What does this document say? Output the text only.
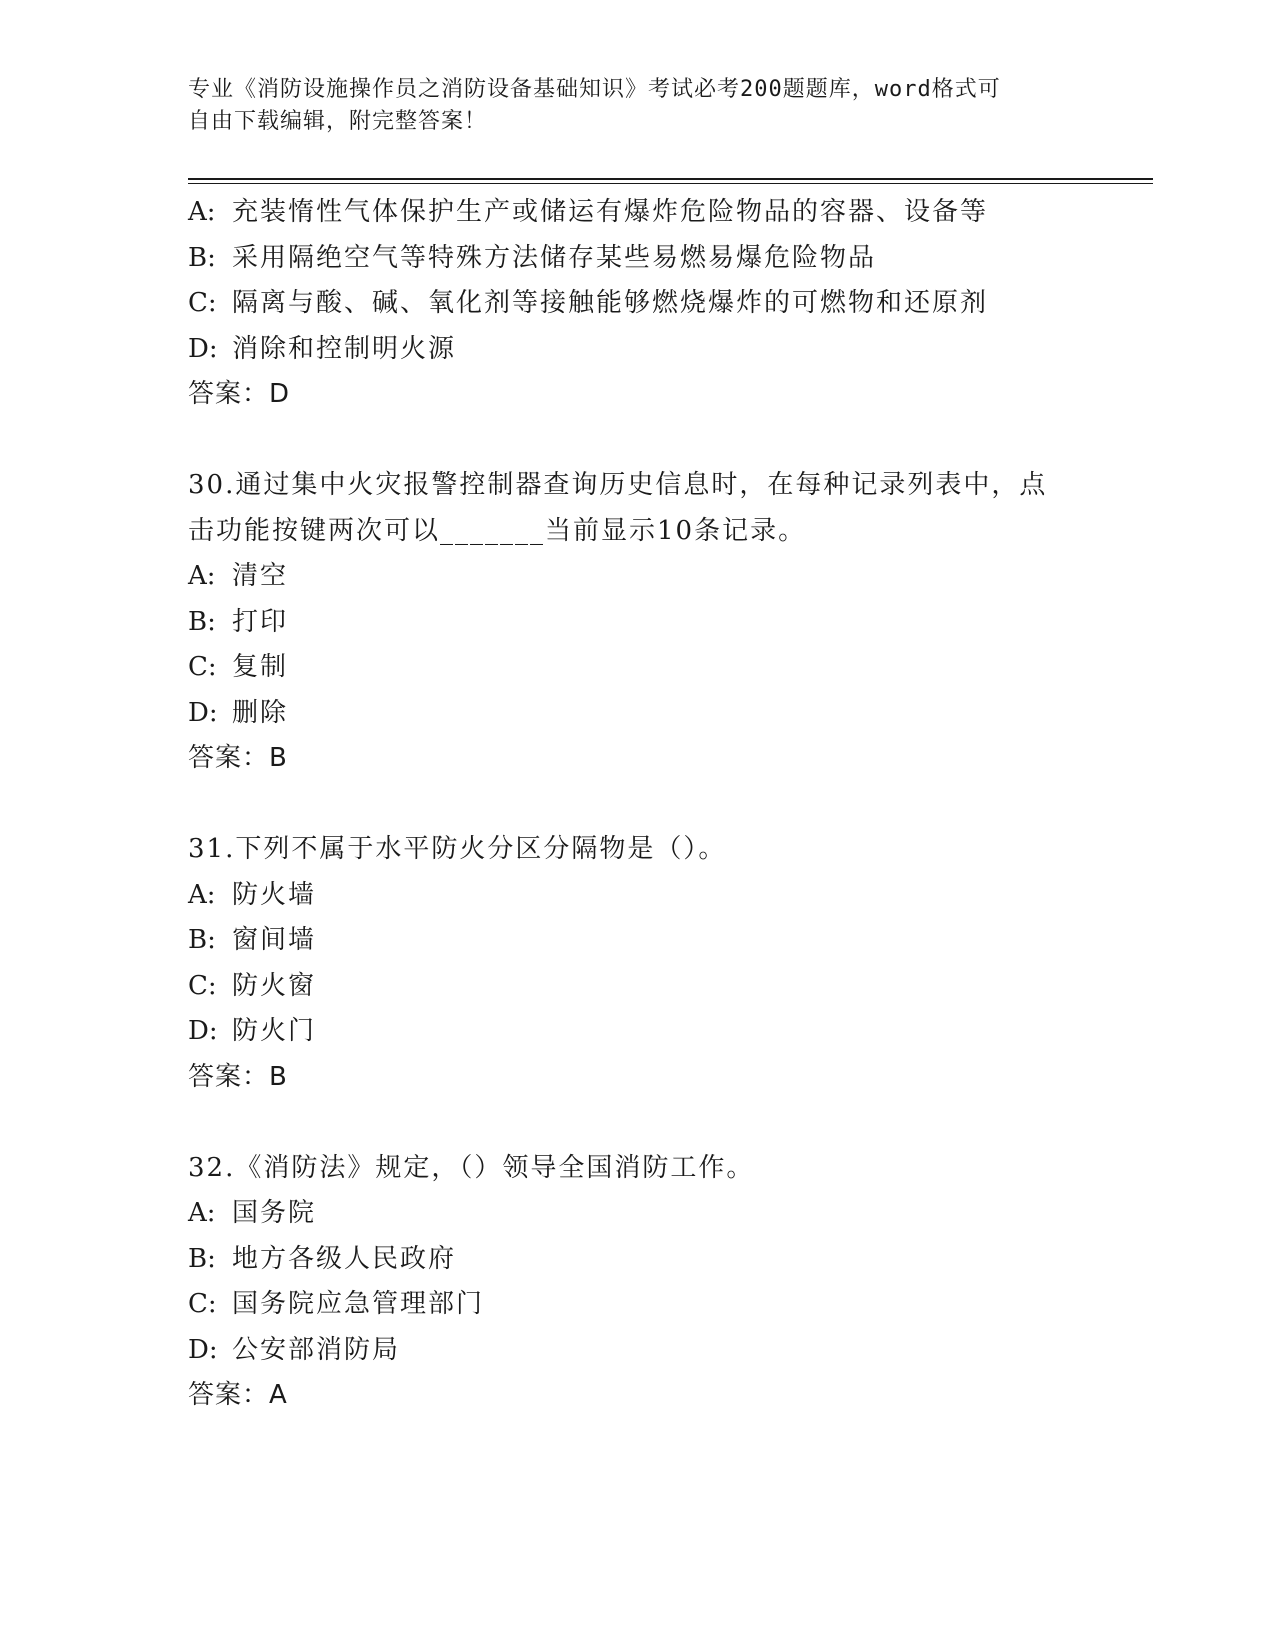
专业《消防设施操作员之消防设备基础知识》考试必考200题题库，word格式可
自由下载编辑，附完整答案！
A: 充装惰性气体保护生产或储运有爆炸危险物品的容器、设备等
B: 采用隔绝空气等特殊方法储存某些易燃易爆危险物品
C: 隔离与酸、碱、氧化剂等接触能够燃烧爆炸的可燃物和还原剂
D: 消除和控制明火源
答案：D
30.通过集中火灾报警控制器查询历史信息时，在每种记录列表中，点
击功能按键两次可以_______当前显示10条记录。
A: 清空
B: 打印
C: 复制
D: 删除
答案：B
31.下列不属于水平防火分区分隔物是（）。
A: 防火墙
B: 窗间墙
C: 防火窗
D: 防火门
答案：B
32.《消防法》规定，（）领导全国消防工作。
A: 国务院
B: 地方各级人民政府
C: 国务院应急管理部门
D: 公安部消防局
答案：A
